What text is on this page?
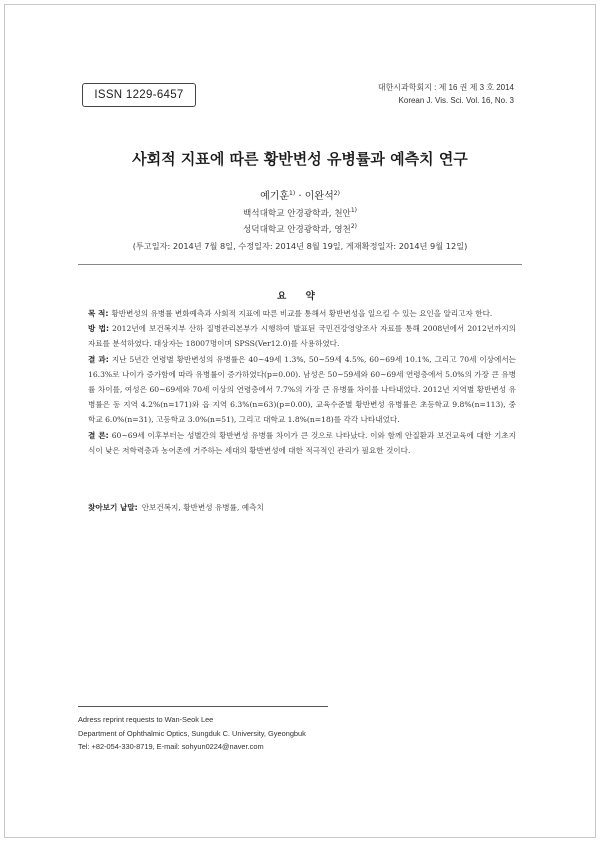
ISSN 1229-6457
대한시과학회지 : 제 16 권 제 3 호 2014
Korean J. Vis. Sci. Vol. 16, No. 3
사회적 지표에 따른 황반변성 유병률과 예측치 연구
예기훈$^{1)}$ · 이완석$^{2)}$
백석대학교 안경광학과, 천안$^{1)}$
성덕대학교 안경광학과, 영천$^{2)}$
(투고일자: 2014년 7월 8일, 수정일자: 2014년 8월 19일, 게재확정일자: 2014년 9월 12일)
요 약

목 적: 황반변성의 유병률 변화예측과 사회적 지표에 따른 비교를 통해서 황반변성을 일으킬 수 있는 요인을 알리고자 한다.

방 법: 2012년에 보건복지부 산하 질병관리본부가 시행하여 발표된 국민건강영양조사 자료를 통해 2008년에서 2012년까지의 자료를 분석하였다. 대상자는 18007명이며 SPSS(Ver12.0)를 사용하였다.

결 과: 지난 5년간 연령별 황반변성의 유병률은 40~49세 1.3%, 50~59세 4.5%, 60~69세 10.1%, 그리고 70세 이상에서는 16.3%로 나이가 증가함에 따라 유병률이 증가하였다(p=0.00). 남성은 50~59세와 60~69세 연령층에서 5.0%의 가장 큰 유병률 차이를, 여성은 60~69세와 70세 이상의 연령층에서 7.7%의 가장 큰 유병률 차이를 나타내었다. 2012년 지역별 황반변성 유병률은 동 지역 4.2%(n=171)와 읍 지역 6.3%(n=63)(p=0.00), 교육수준별 황반변성 유병률은 초등학교 9.8%(n=113), 중학교 6.0%(n=31), 고등학교 3.0%(n=51), 그리고 대학교 1.8%(n=18)를 각각 나타내었다.

결 론: 60~69세 이후부터는 성별간의 황반변성 유병률 차이가 큰 것으로 나타났다. 이와 함께 안질환과 보건교육에 대한 기초지식이 낮은 저학력층과 농어촌에 거주하는 세대의 황반변성에 대한 적극적인 관리가 필요한 것이다.

찾아보기 낱말: 안보건복지, 황반변성 유병률, 예측치
Adress reprint requests to Wan-Seok Lee
Department of Ophthalmic Optics, Sungduk C. University, Gyeongbuk
Tel: +82-054-330-8719, E-mail: sohyun0224@naver.com
